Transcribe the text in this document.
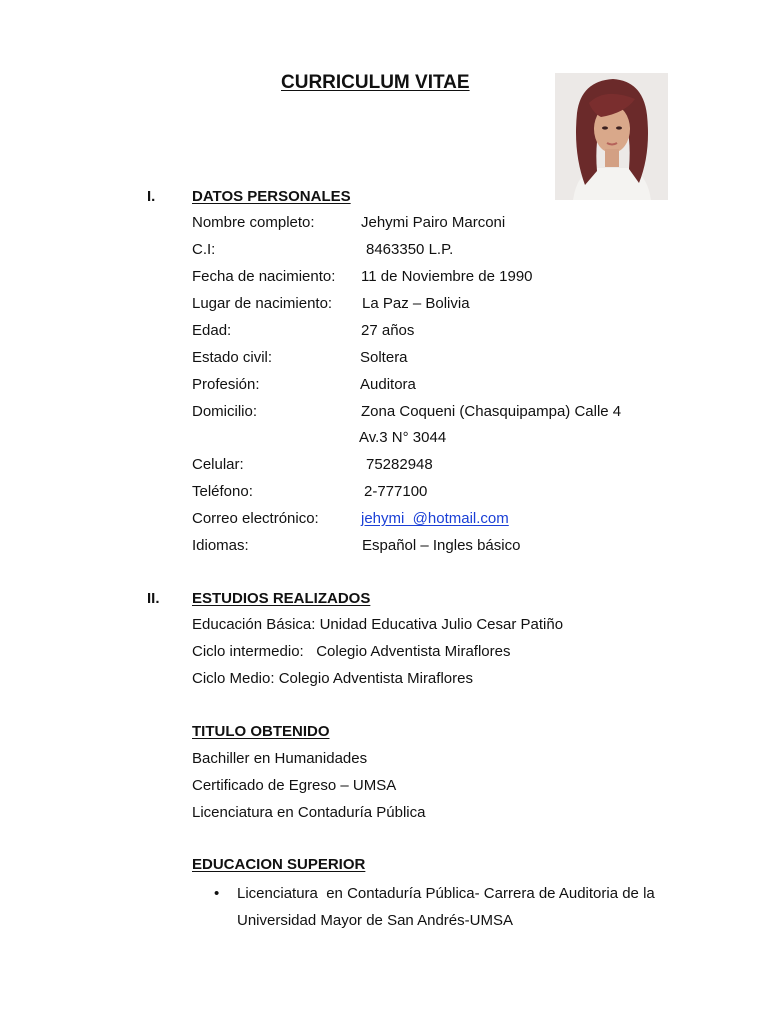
CURRICULUM VITAE
I. DATOS PERSONALES
Nombre completo:	Jehymi Pairo Marconi
C.I:	8463350 L.P.
Fecha de nacimiento: 11 de Noviembre de 1990
Lugar de nacimiento: La Paz – Bolivia
Edad:	27 años
Estado civil:	Soltera
Profesión:	Auditora
Domicilio:	Zona Coqueni (Chasquipampa) Calle 4
Av.3 N° 3044
Celular:	75282948
Teléfono:	2-777100
Correo electrónico:	jehymi_@hotmail.com
Idiomas:	Español – Ingles básico
II. ESTUDIOS REALIZADOS
Educación Básica: Unidad Educativa Julio Cesar Patiño
Ciclo intermedio:   Colegio Adventista Miraflores
Ciclo Medio: Colegio Adventista Miraflores
TITULO OBTENIDO
Bachiller en Humanidades
Certificado de Egreso – UMSA
Licenciatura en Contaduría Pública
EDUCACION SUPERIOR
• Licenciatura  en Contaduría Pública- Carrera de Auditoria de la
Universidad Mayor de San Andrés-UMSA
